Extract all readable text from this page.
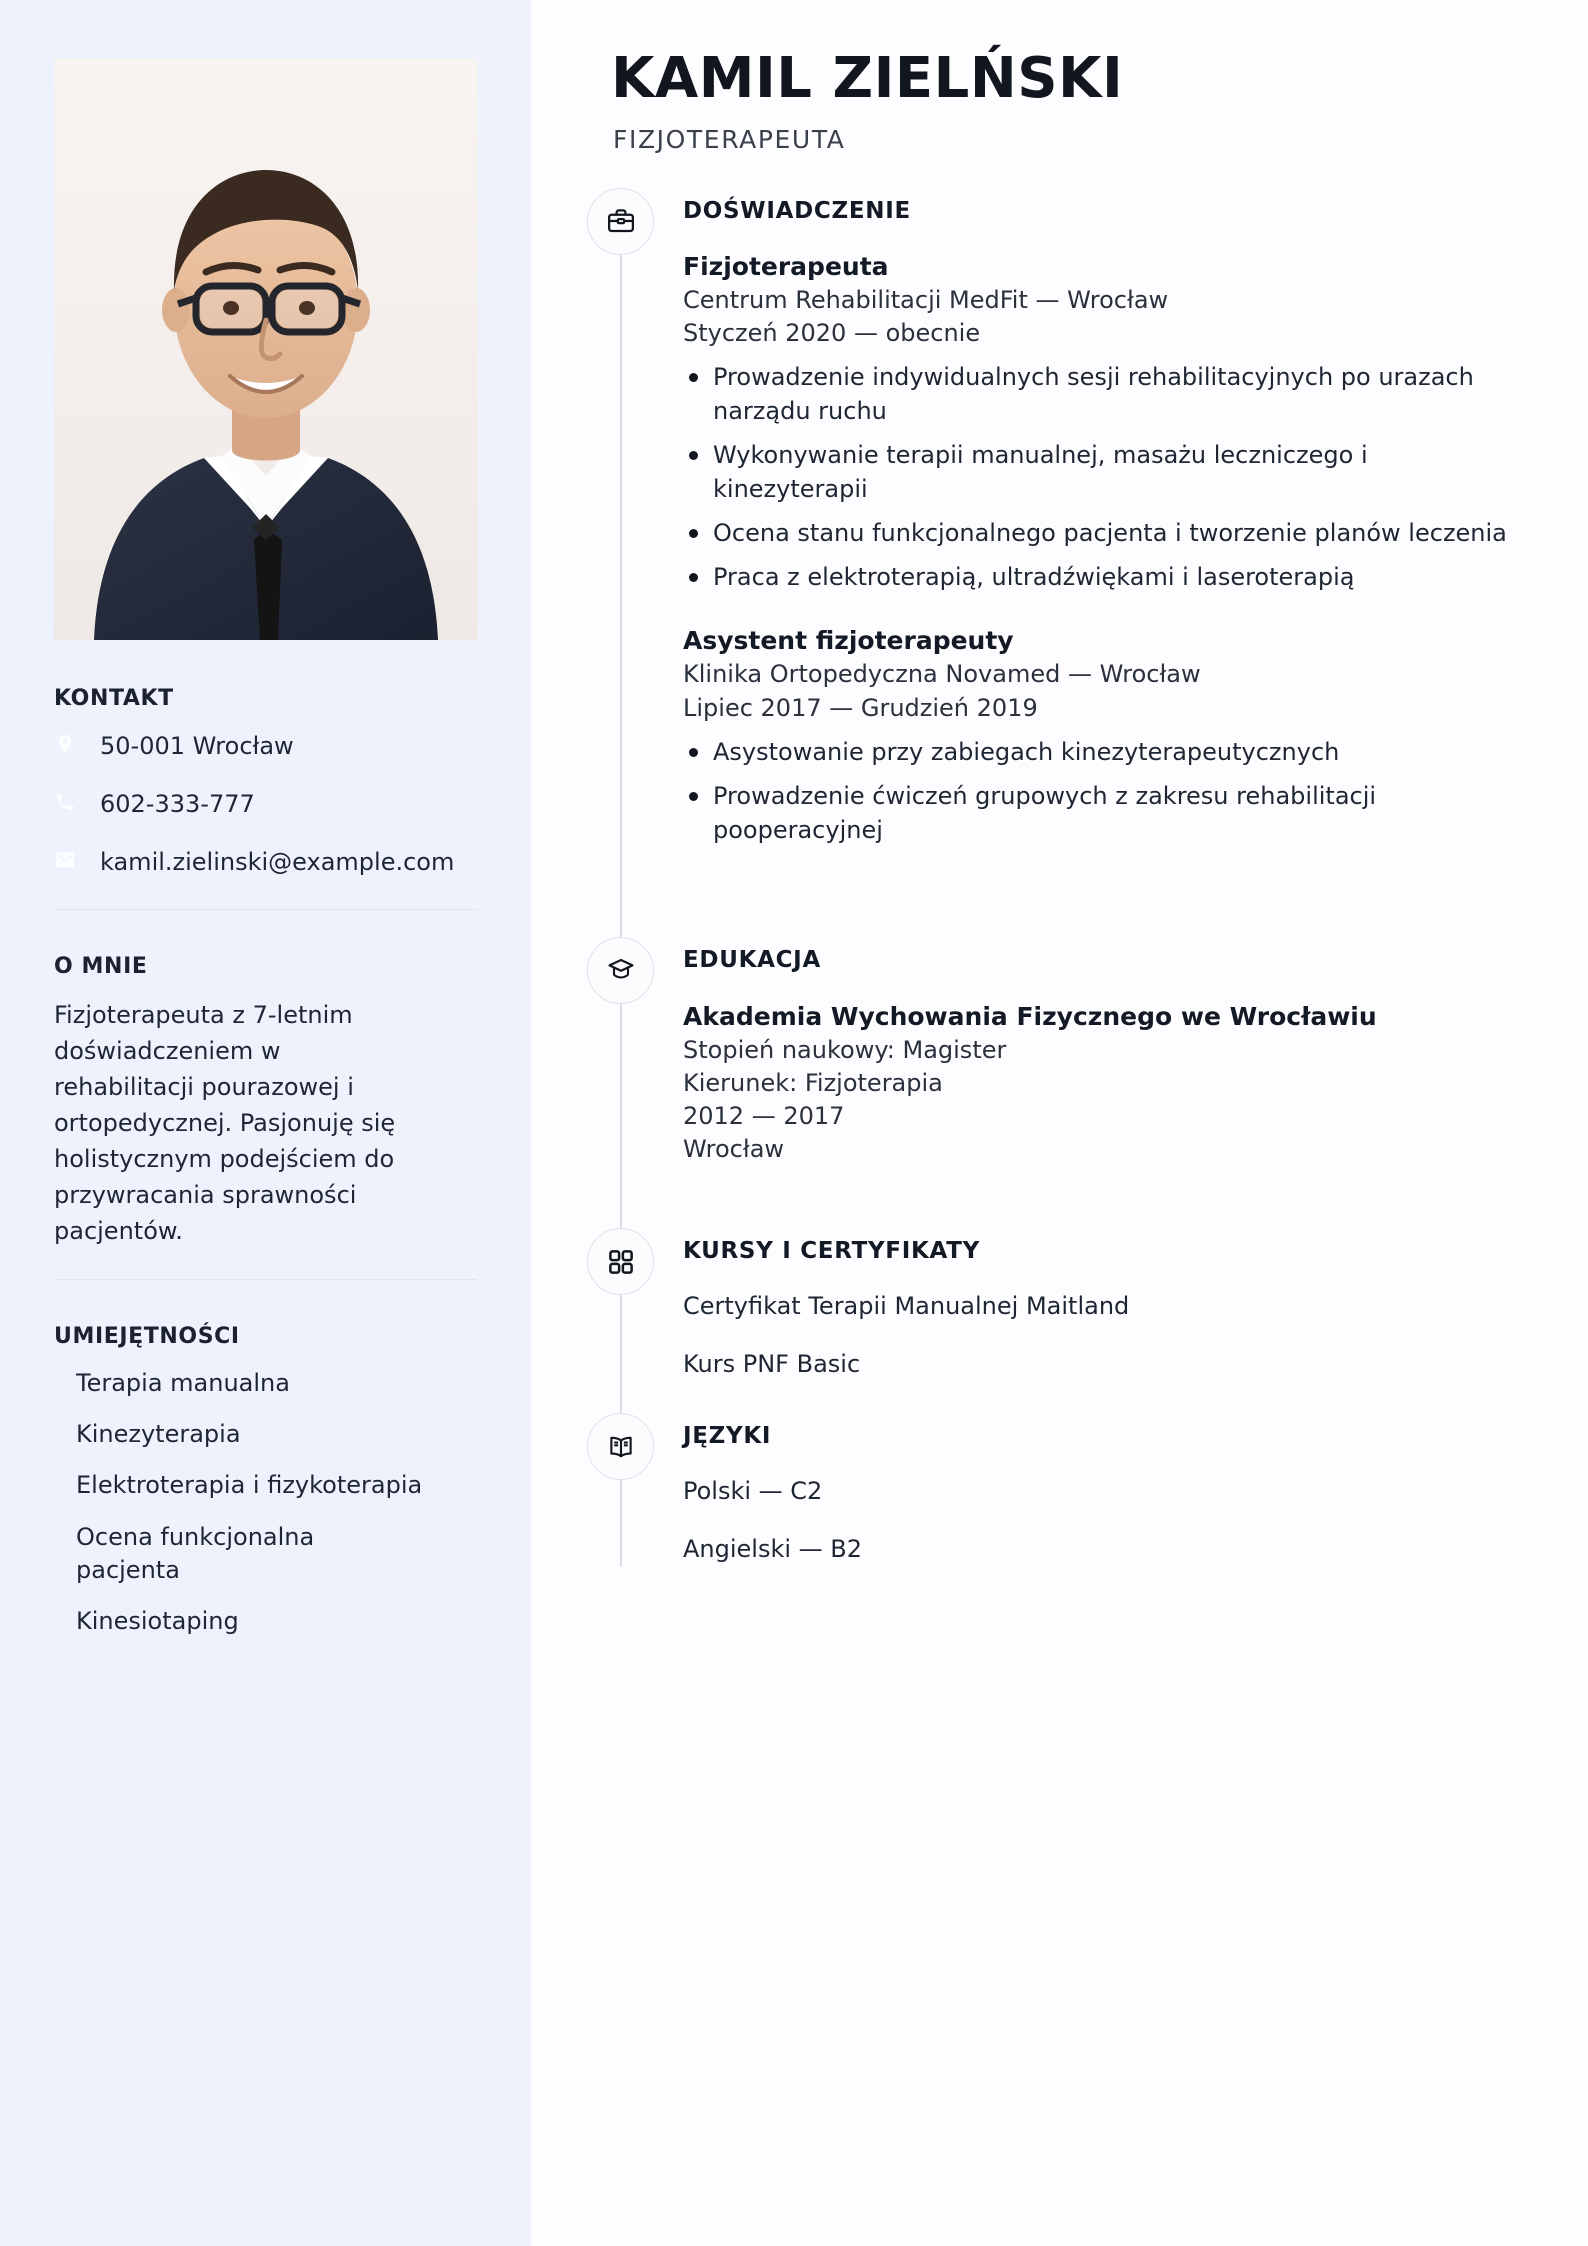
KONTAKT
50-001 Wrocław
602-333-777
kamil.zielinski@example.com
O MNIE

Fizjoterapeuta z 7-letnim doświadczeniem w rehabilitacji pourazowej i ortopedycznej. Pasjonuję się holistycznym podejściem do przywracania sprawności pacjentów.

UMIEJĘTNOŚCI
Terapia manualna
Kinezyterapia
Elektroterapia i fizykoterapia
Ocena funkcjonalna pacjenta
Kinesiotaping
KAMIL ZIELŃSKI
FIZJOTERAPEUTA
DOŚWIADCZENIE
Fizjoterapeuta
Centrum Rehabilitacji MedFit — Wrocław
Styczeń 2020 — obecnie
Prowadzenie indywidualnych sesji rehabilitacyjnych po urazach narządu ruchu
Wykonywanie terapii manualnej, masażu leczniczego i kinezyterapii
Ocena stanu funkcjonalnego pacjenta i tworzenie planów leczenia
Praca z elektroterapią, ultradźwiękami i laseroterapią
Asystent fizjoterapeuty
Klinika Ortopedyczna Novamed — Wrocław
Lipiec 2017 — Grudzień 2019
Asystowanie przy zabiegach kinezyterapeutycznych
Prowadzenie ćwiczeń grupowych z zakresu rehabilitacji pooperacyjnej
EDUKACJA
Akademia Wychowania Fizycznego we Wrocławiu
Stopień naukowy: Magister
Kierunek: Fizjoterapia
2012 — 2017
Wrocław
KURSY I CERTYFIKATY
Certyfikat Terapii Manualnej Maitland
Kurs PNF Basic
JĘZYKI
Polski — C2
Angielski — B2
